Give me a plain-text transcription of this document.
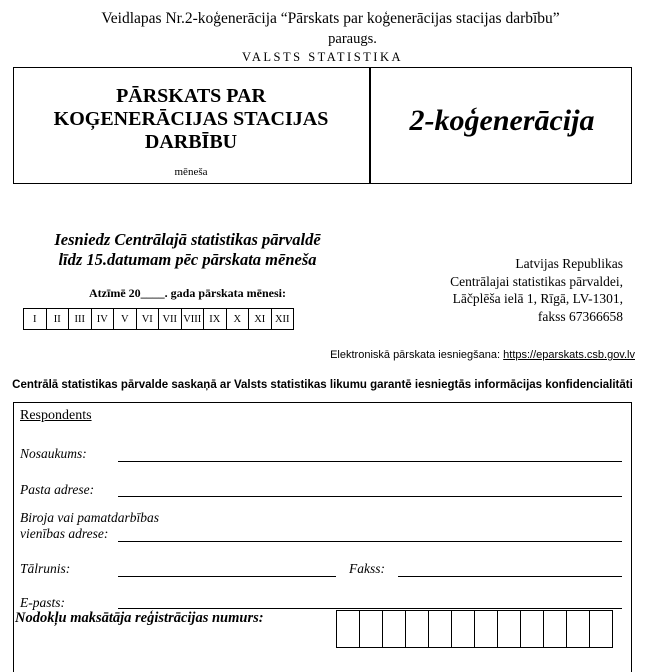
Veidlapas Nr.2-koģenerācija “Pārskats par koģenerācijas stacijas darbību”
paraugs.
VALSTS STATISTIKA
PĀRSKATS PAR
KOĢENERĀCIJAS STACIJAS
DARBĪBU
mēneša
2-koģenerācija
Iesniedz Centrālajā statistikas pārvaldē
līdz 15.datumam pēc pārskata mēneša
Atzīmē 20____. gada pārskata mēnesi:
I	II	III	IV	V	VI	VII	VIII	IX	X	XI	XII
Latvijas Republikas
Centrālajai statistikas pārvaldei,
Lāčplēša ielā 1, Rīgā, LV-1301,
fakss 67366658
Elektroniskā pārskata iesniegšana: https://eparskats.csb.gov.lv
Centrālā statistikas pārvalde saskaņā ar Valsts statistikas likumu garantē iesniegtās informācijas konfidencialitāti
Respondents
Nosaukums:
Pasta adrese:
Biroja vai pamatdarbības
vienības adrese:
Tālrunis:	Fakss:
E-pasts:
Nodokļu maksātāja reģistrācijas numurs:
